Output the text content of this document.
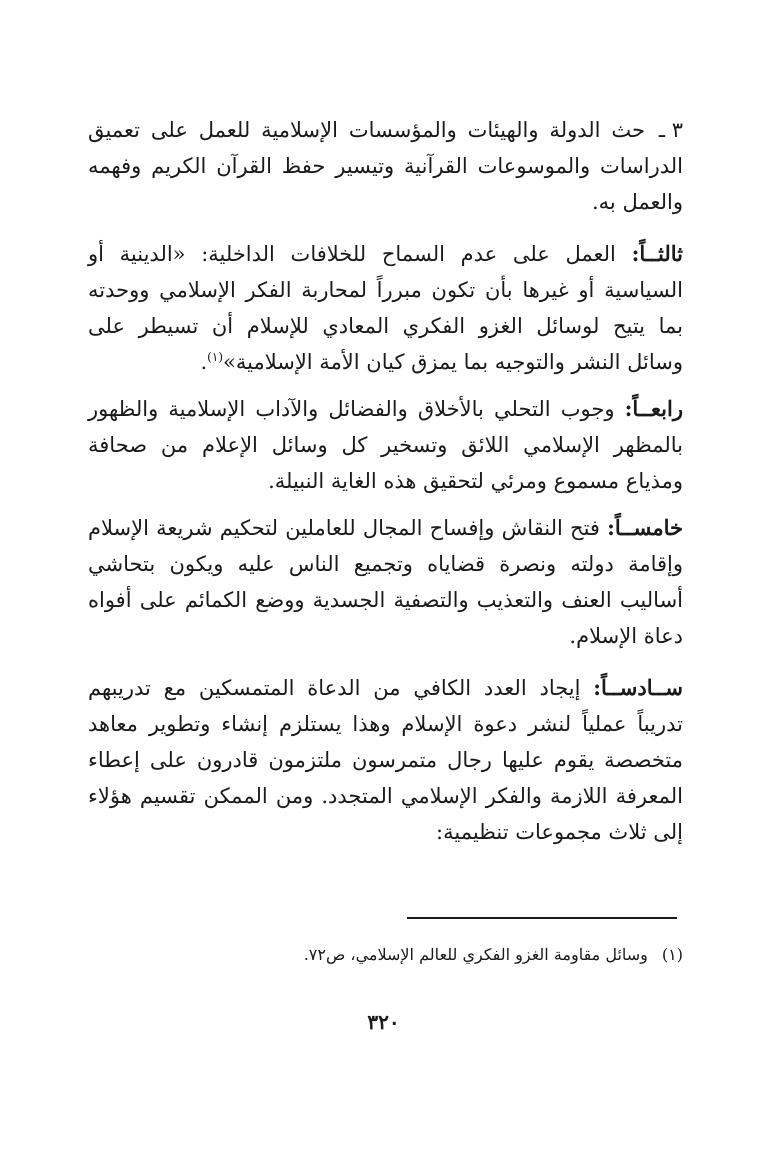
٣ ـ
حث الدولة والهيئات والمؤسسات الإسلامية للعمل على تعميق الدراسات والموسوعات القرآنية وتيسير حفظ القرآن الكريم وفهمه والعمل به.

ثالثــاً: العمل على عدم السماح للخلافات الداخلية: «الدينية أو السياسية أو غيرها بأن تكون مبرراً لمحاربة الفكر الإسلامي ووحدته بما يتيح لوسائل الغزو الفكري المعادي للإسلام أن تسيطر على وسائل النشر والتوجيه بما يمزق كيان الأمة الإسلامية»$^{(١)}$.

رابعــاً: وجوب التحلي بالأخلاق والفضائل والآداب الإسلامية والظهور بالمظهر الإسلامي اللائق وتسخير كل وسائل الإعلام من صحافة ومذياع مسموع ومرئي لتحقيق هذه الغاية النبيلة.

خامســاً: فتح النقاش وإفساح المجال للعاملين لتحكيم شريعة الإسلام وإقامة دولته ونصرة قضاياه وتجميع الناس عليه ويكون بتحاشي أساليب العنف والتعذيب والتصفية الجسدية ووضع الكمائم على أفواه دعاة الإسلام.

ســادســاً: إيجاد العدد الكافي من الدعاة المتمسكين مع تدريبهم تدريباً عملياً لنشر دعوة الإسلام وهذا يستلزم إنشاء وتطوير معاهد متخصصة يقوم عليها رجال متمرسون ملتزمون قادرون على إعطاء المعرفة اللازمة والفكر الإسلامي المتجدد. ومن الممكن تقسيم هؤلاء إلى ثلاث مجموعات تنظيمية:

(١)وسائل مقاومة الغزو الفكري للعالم الإسلامي، ص٧٢.
٣٢٠
